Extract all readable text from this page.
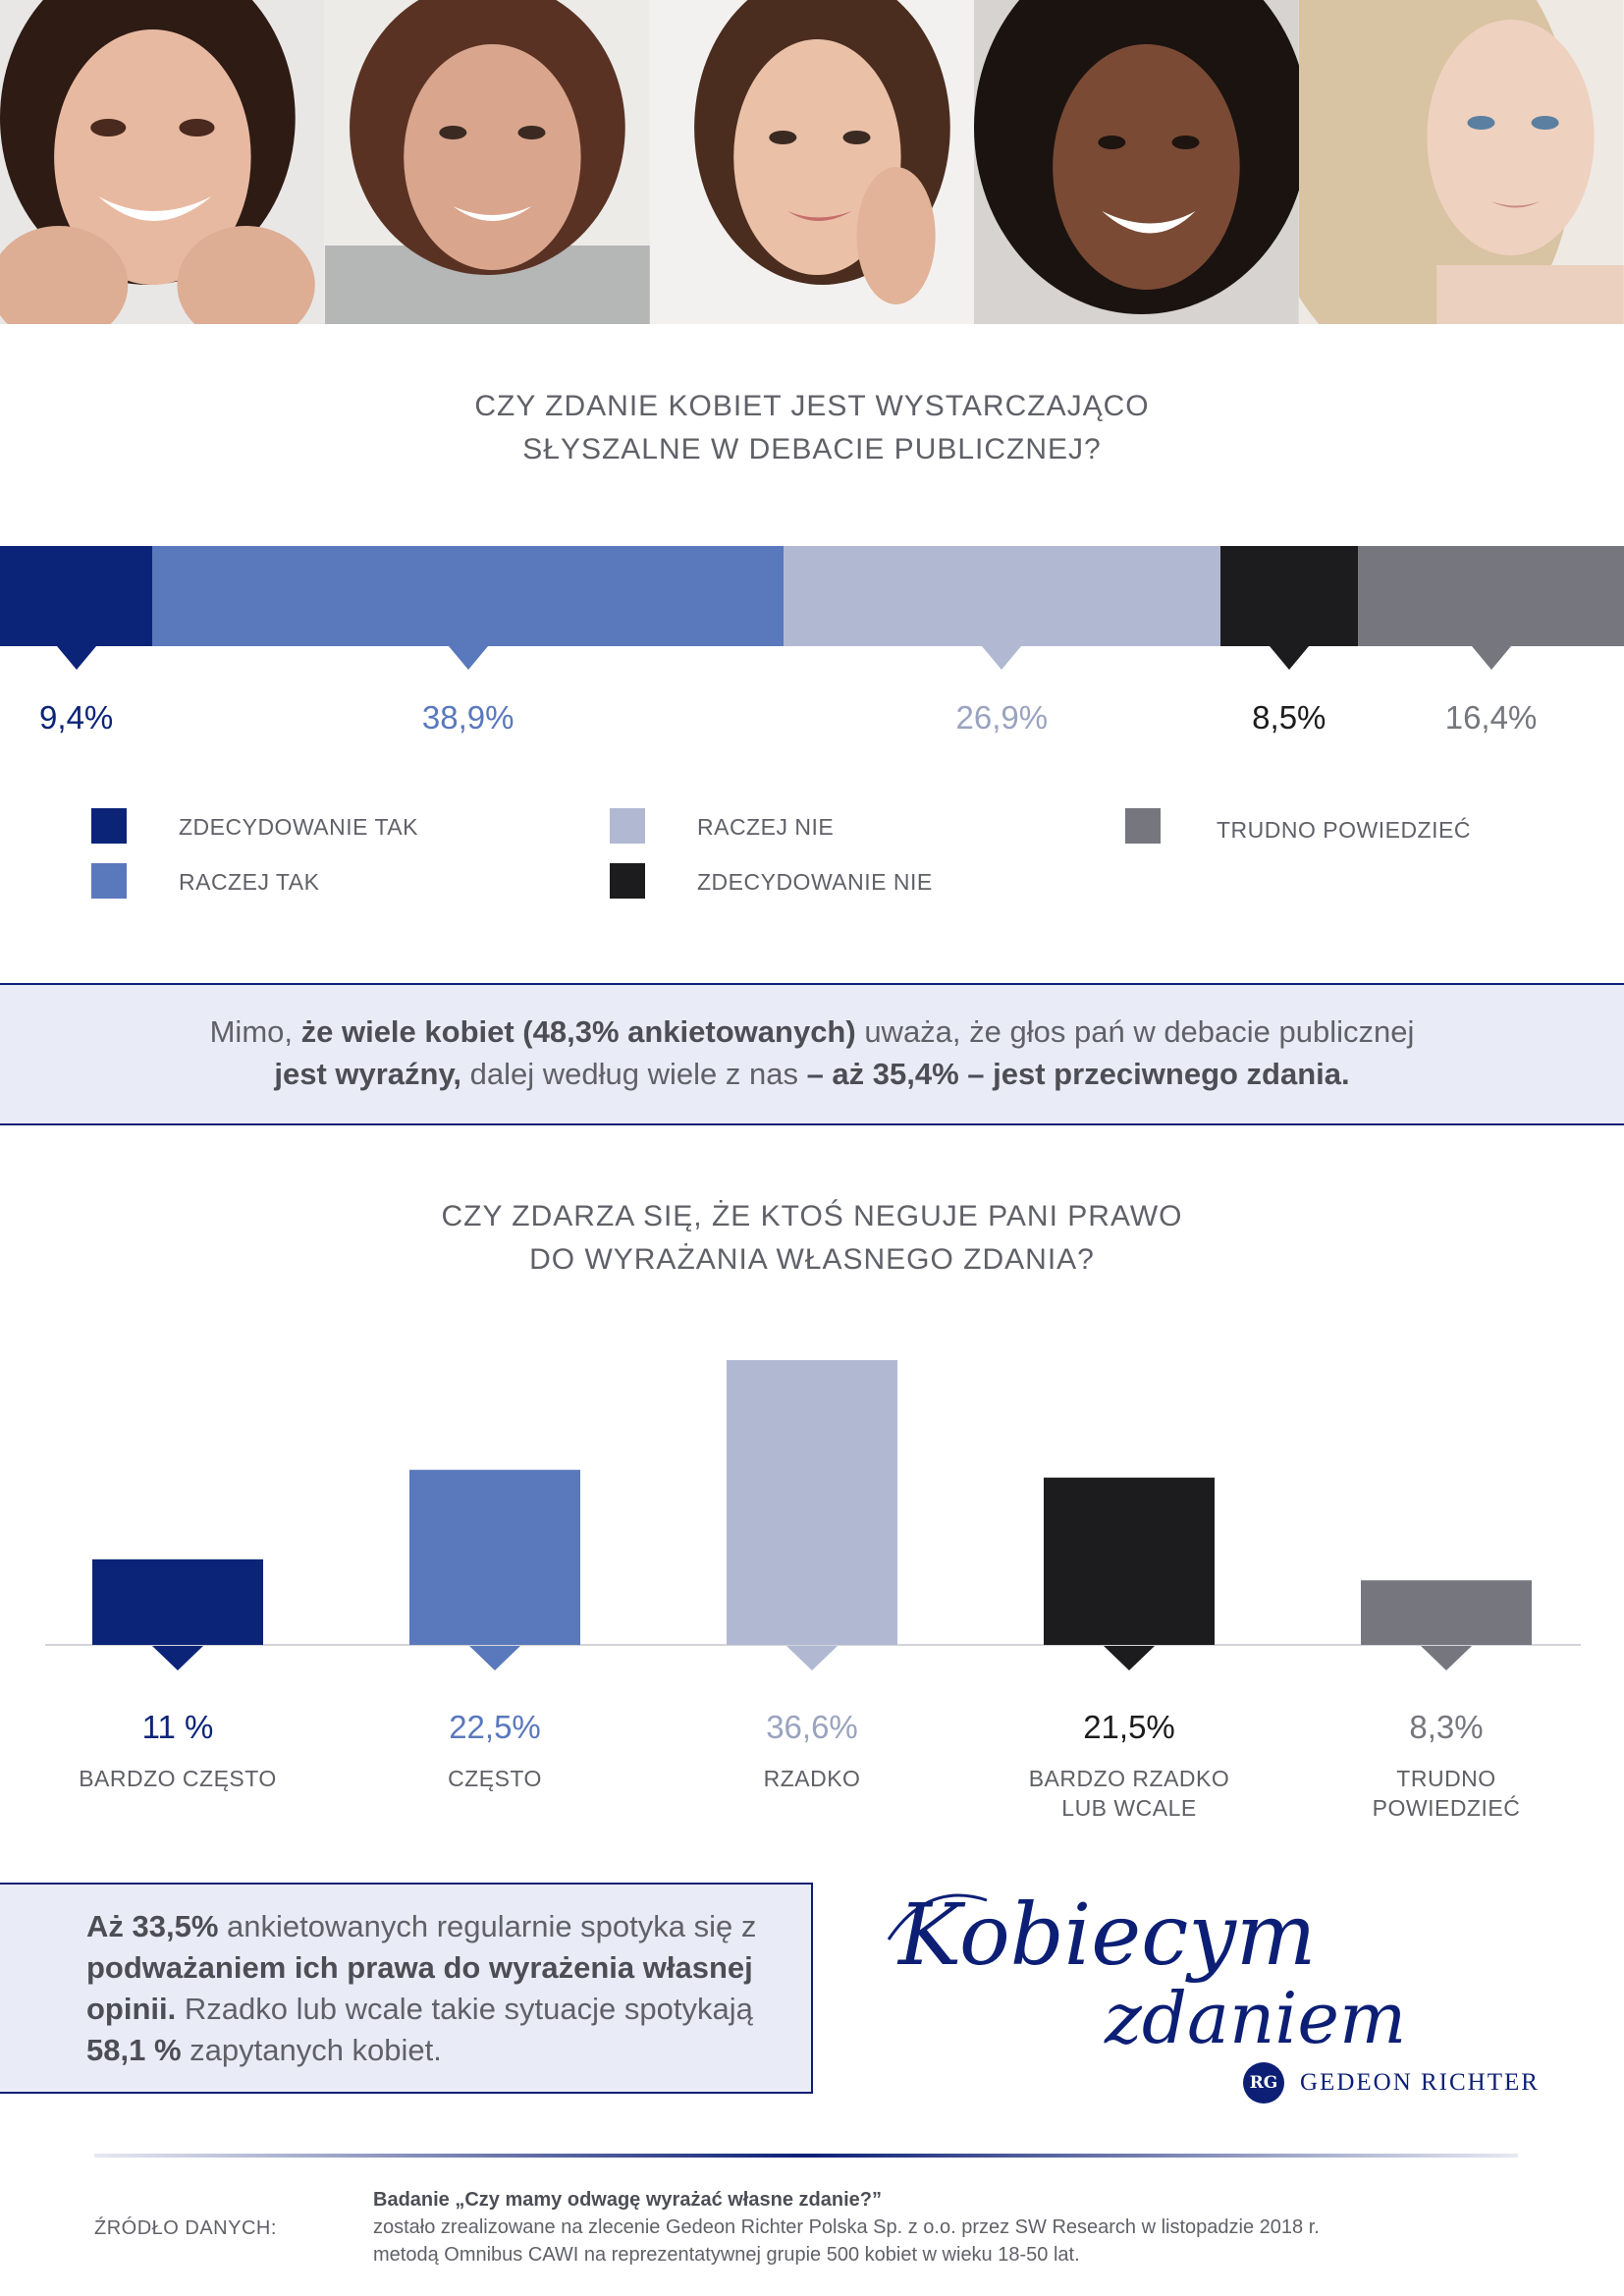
CZY ZDANIE KOBIET JEST WYSTARCZAJĄCO
SŁYSZALNE W DEBACIE PUBLICZNEJ?
9,4%	38,9%	26,9%	8,5%	16,4%
ZDECYDOWANIE TAK
RACZEJ TAK
RACZEJ NIE
ZDECYDOWANIE NIE
TRUDNO POWIEDZIEĆ
Mimo, że wiele kobiet (48,3% ankietowanych) uważa, że głos pań w debacie publicznej
jest wyraźny, dalej według wiele z nas – aż 35,4% – jest przeciwnego zdania.
CZY ZDARZA SIĘ, ŻE KTOŚ NEGUJE PANI PRAWO
DO WYRAŻANIA WŁASNEGO ZDANIA?
11 %
BARDZO CZĘSTO
22,5%
CZĘSTO
36,6%
RZADKO
21,5%
BARDZO RZADKO
LUB WCALE
8,3%
TRUDNO
POWIEDZIEĆ
Aż 33,5% ankietowanych regularnie spotyka się z podważaniem ich prawa do wyrażenia własnej opinii. Rzadko lub wcale takie sytuacje spotykają 58,1 % zapytanych kobiet.
Kobiecym
zdaniem
RG GEDEON RICHTER
ŹRÓDŁO DANYCH:
Badanie „Czy mamy odwagę wyrażać własne zdanie?”
zostało zrealizowane na zlecenie Gedeon Richter Polska Sp. z o.o. przez SW Research w listopadzie 2018 r.
metodą Omnibus CAWI na reprezentatywnej grupie 500 kobiet w wieku 18-50 lat.
